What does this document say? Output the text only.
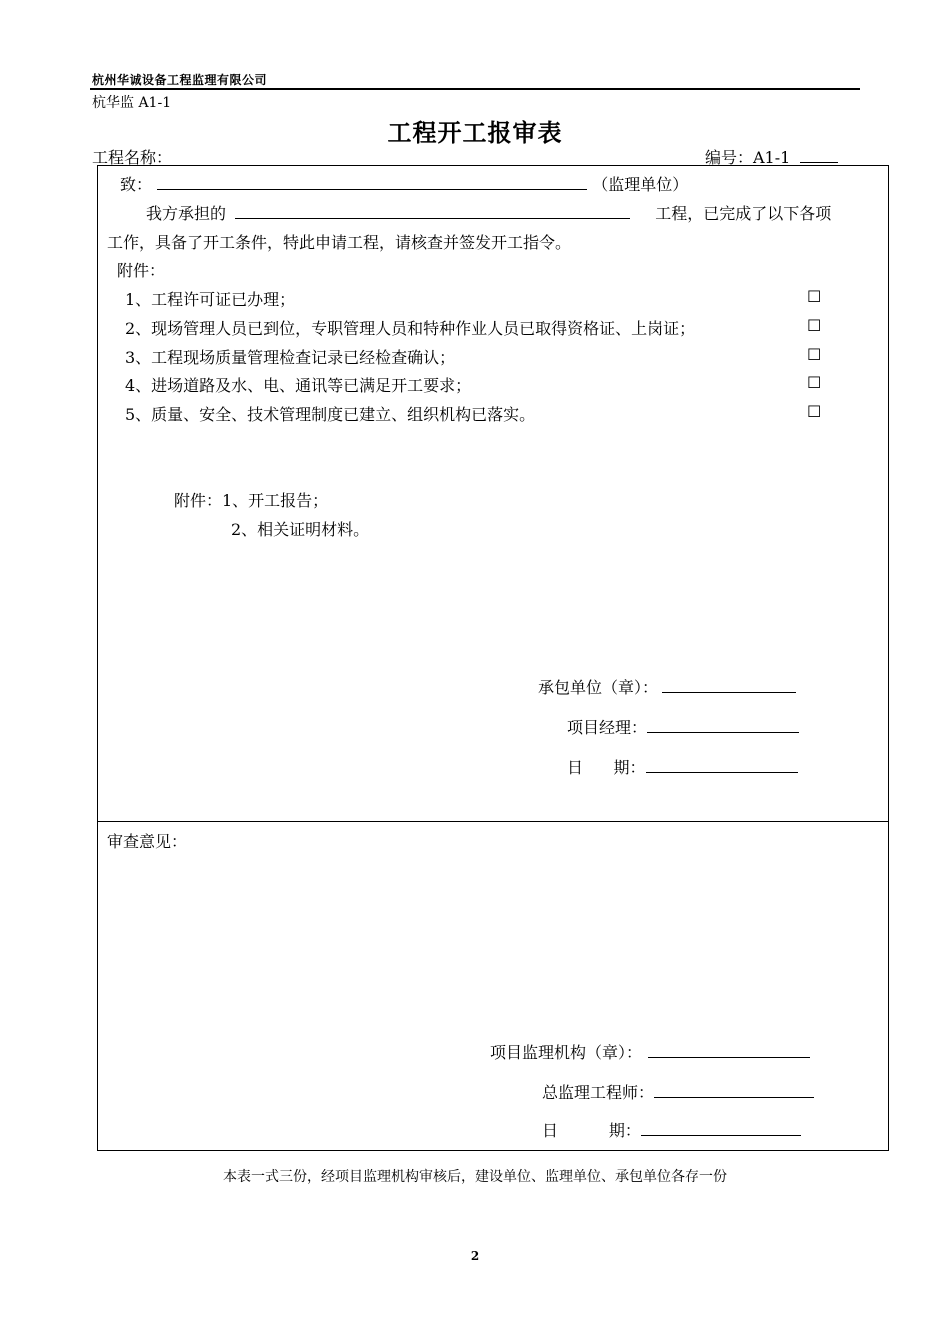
杭州华诚设备工程监理有限公司
杭华监 A1-1
工程开工报审表
工程名称：	编号：A1-1
致：	（监理单位）
我方承担的	工程，已完成了以下各项
工作，具备了开工条件，特此申请工程，请核查并签发开工指令。
附件：
1、工程许可证已办理；	☐
2、现场管理人员已到位，专职管理人员和特种作业人员已取得资格证、上岗证；	☐
3、工程现场质量管理检查记录已经检查确认；	☐
4、进场道路及水、电、通讯等已满足开工要求；	☐
5、质量、安全、技术管理制度已建立、组织机构已落实。	☐
附件：1、开工报告；
2、相关证明材料。
承包单位（章）：
项目经理：
日      期：
审查意见：
项目监理机构（章）：
总监理工程师：
日          期：
本表一式三份，经项目监理机构审核后，建设单位、监理单位、承包单位各存一份
2
